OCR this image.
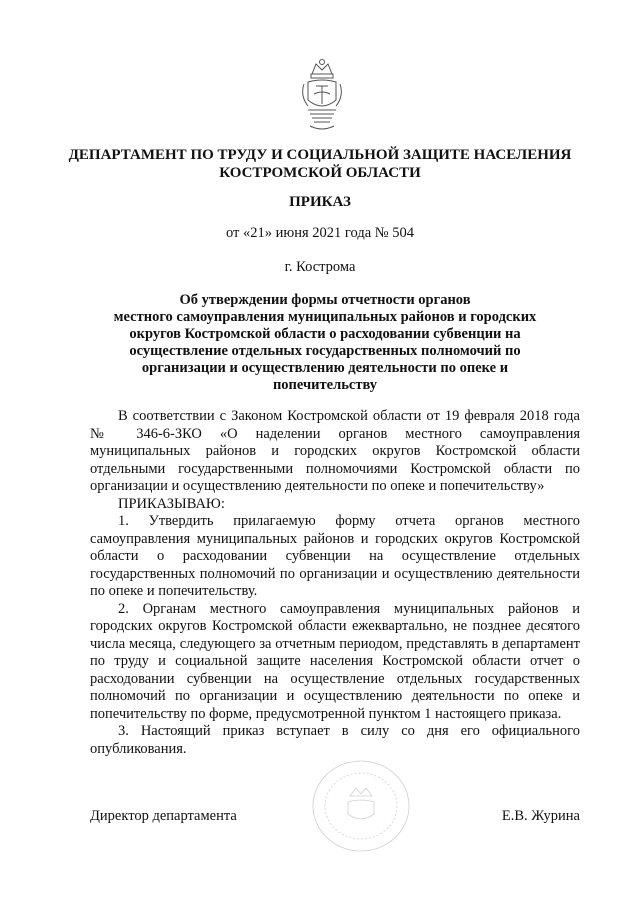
ДЕПАРТАМЕНТ ПО ТРУДУ И СОЦИАЛЬНОЙ ЗАЩИТЕ НАСЕЛЕНИЯ
КОСТРОМСКОЙ ОБЛАСТИ
ПРИКАЗ
от «21» июня 2021 года № 504
г. Кострома
Об утверждении формы отчетности органов
местного самоуправления муниципальных районов и городских
округов Костромской области о расходовании субвенции на
осуществление отдельных государственных полномочий по
организации и осуществлению деятельности по опеке и
попечительству

В соответствии с Законом Костромской области от 19 февраля 2018 года № 346-6-ЗКО «О наделении органов местного самоуправления муниципальных районов и городских округов Костромской области отдельными государственными полномочиями Костромской области по организации и осуществлению деятельности по опеке и попечительству»

ПРИКАЗЫВАЮ:

1. Утвердить прилагаемую форму отчета органов местного самоуправления муниципальных районов и городских округов Костромской области о расходовании субвенции на осуществление отдельных государственных полномочий по организации и осуществлению деятельности по опеке и попечительству.

2. Органам местного самоуправления муниципальных районов и городских округов Костромской области ежеквартально, не позднее десятого числа месяца, следующего за отчетным периодом, представлять в департамент по труду и социальной защите населения Костромской области отчет о расходовании субвенции на осуществление отдельных государственных полномочий по организации и осуществлению деятельности по опеке и попечительству по форме, предусмотренной пунктом 1 настоящего приказа.

3. Настоящий приказ вступает в силу со дня его официального опубликования.

Директор департамента	Е.В. Журина
